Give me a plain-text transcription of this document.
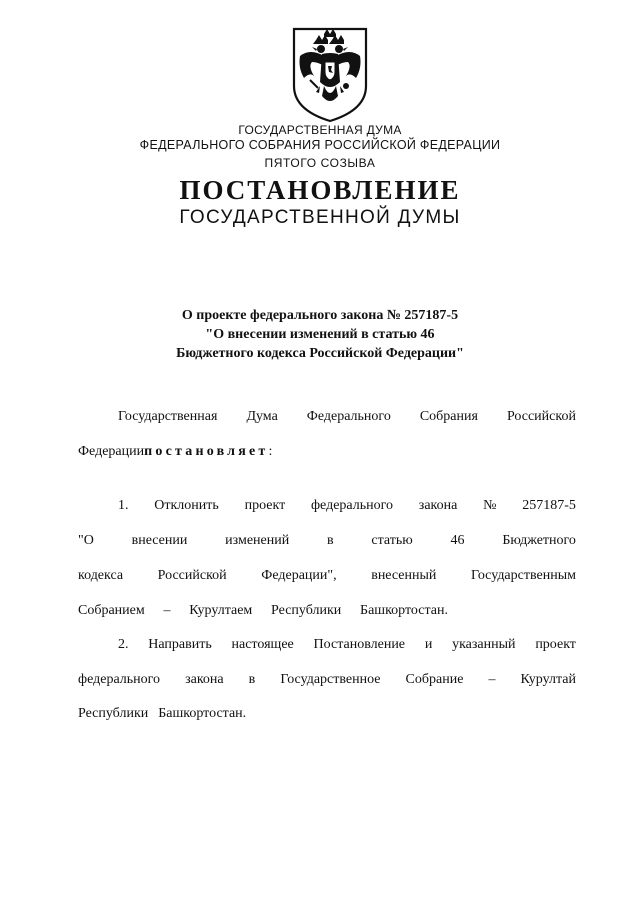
ГОСУДАРСТВЕННАЯ ДУМА
ФЕДЕРАЛЬНОГО СОБРАНИЯ РОССИЙСКОЙ ФЕДЕРАЦИИ
ПЯТОГО СОЗЫВА
ПОСТАНОВЛЕНИЕ
ГОСУДАРСТВЕННОЙ ДУМЫ
О проекте федерального закона № 257187-5
"О внесении изменений в статью 46
Бюджетного кодекса Российской Федерации"
Государственная Дума Федерального Собрания Российской
Федерации постановляет :
1. Отклонить проект федерального закона № 257187-5
"О	внесении	изменений	в	статью	46	Бюджетного
кодекса Российской Федерации", внесенный Государственным
Собранием – Курултаем Республики Башкортостан.
2. Направить настоящее Постановление и указанный проект
федерального закона в Государственное Собрание – Курултай
Республики Башкортостан.
